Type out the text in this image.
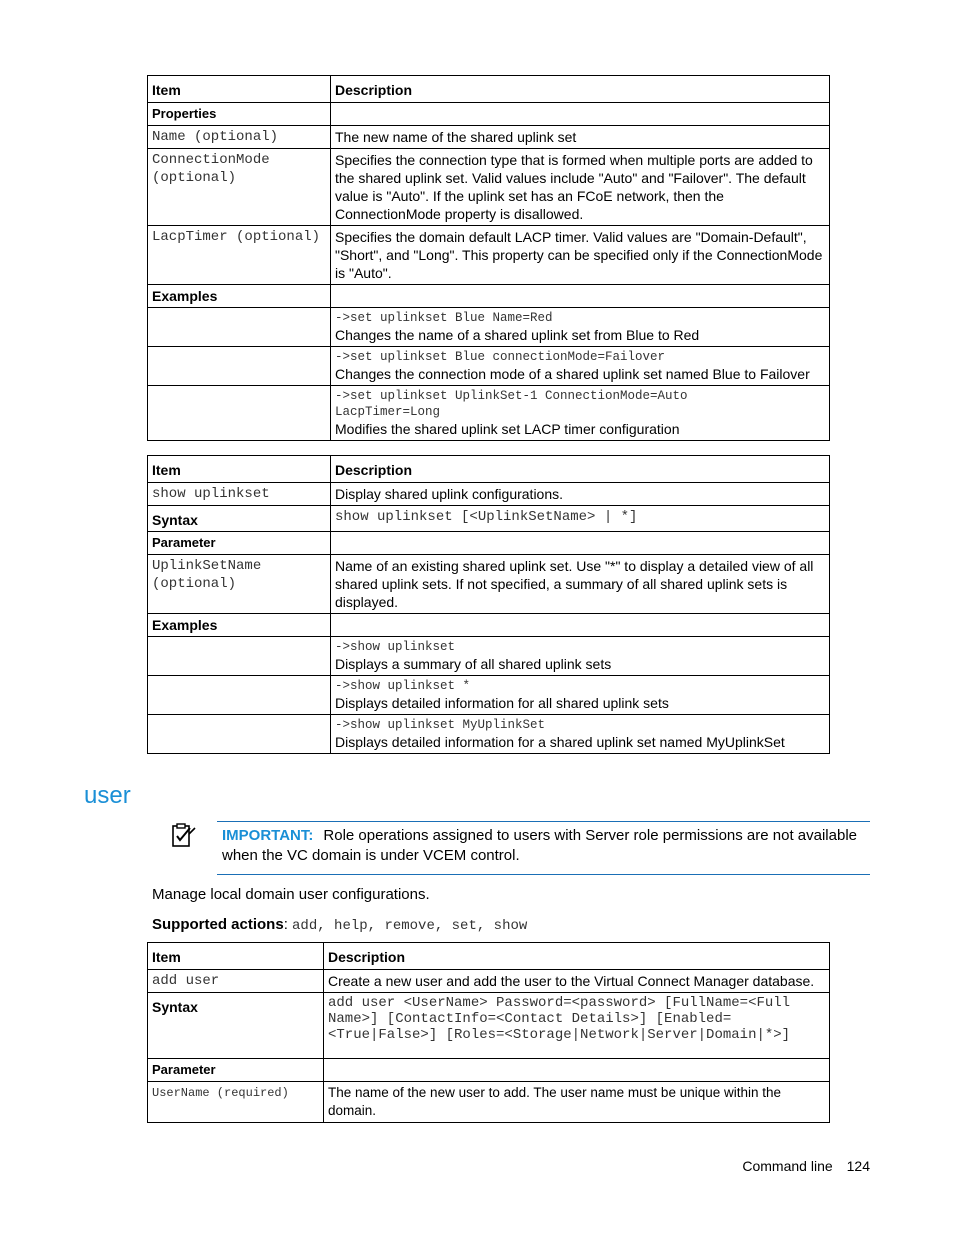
Item	Description
Properties	
Name (optional)	The new name of the shared uplink set
ConnectionMode (optional)	Specifies the connection type that is formed when multiple ports are added to the shared uplink set. Valid values include "Auto" and "Failover". The default value is "Auto". If the uplink set has an FCoE network, then the ConnectionMode property is disallowed.
LacpTimer (optional)	Specifies the domain default LACP timer. Valid values are "Domain-Default", "Short", and "Long". This property can be specified only if the ConnectionMode is "Auto".
Examples	

	->set uplinkset Blue Name=Red
Changes the name of a shared uplink set from Blue to Red

	->set uplinkset Blue connectionMode=Failover
Changes the connection mode of a shared uplink set named Blue to Failover

	->set uplinkset UplinkSet-1 ConnectionMode=Auto LacpTimer=Long
Modifies the shared uplink set LACP timer configuration
Item	Description
show uplinkset	Display shared uplink configurations.
Syntax	show uplinkset [<UplinkSetName> | *]
Parameter	
UplinkSetName (optional)	Name of an existing shared uplink set. Use "*" to display a detailed view of all shared uplink sets. If not specified, a summary of all shared uplink sets is displayed.
Examples	

	->show uplinkset
Displays a summary of all shared uplink sets

	->show uplinkset *
Displays detailed information for all shared uplink sets

	->show uplinkset MyUplinkSet
Displays detailed information for a shared uplink set named MyUplinkSet
user

IMPORTANT: Role operations assigned to users with Server role permissions are not available when the VC domain is under VCEM control.

Manage local domain user configurations.
Supported actions: add, help, remove, set, show
Item	Description
add user	Create a new user and add the user to the Virtual Connect Manager database.
Syntax	add user <UserName> Password=<password> [FullName=<Full Name>] [ContactInfo=<Contact Details>] [Enabled=<True|False>] [Roles=<Storage|Network|Server|Domain|*>]
Parameter	
UserName (required)	The name of the new user to add. The user name must be unique within the domain.
Command line 124
